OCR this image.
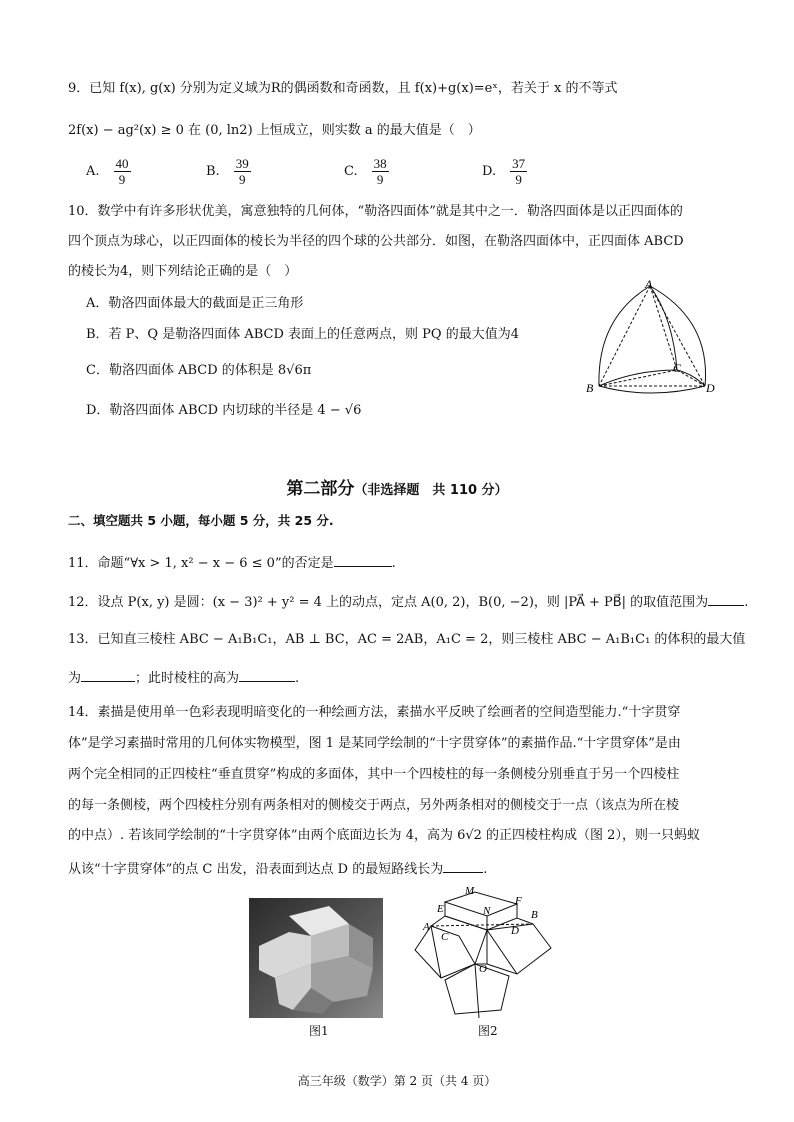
9．已知 f(x), g(x) 分别为定义域为R的偶函数和奇函数，且 f(x)+g(x)=eˣ，若关于 x 的不等式
2f(x) − ag²(x) ≥ 0 在 (0, ln2) 上恒成立，则实数 a 的最大值是（　）
A. $\frac{40}{9}$	B. $\frac{39}{9}$	C. $\frac{38}{9}$	D. $\frac{37}{9}$
10．数学中有许多形状优美，寓意独特的几何体，“勒洛四面体”就是其中之一．勒洛四面体是以正四面体的
四个顶点为球心，以正四面体的棱长为半径的四个球的公共部分．如图，在勒洛四面体中，正四面体 ABCD
的棱长为4，则下列结论正确的是（　）
A．勒洛四面体最大的截面是正三角形
B．若 P、Q 是勒洛四面体 ABCD 表面上的任意两点，则 PQ 的最大值为4
C．勒洛四面体 ABCD 的体积是 8√6π
D．勒洛四面体 ABCD 内切球的半径是 4 − √6
A
B
C
D
第二部分（非选择题　共 110 分）
二、填空题共 5 小题，每小题 5 分，共 25 分.
11．命题“∀x > 1, x² − x − 6 ≤ 0”的否定是	.
12．设点 P(x, y) 是圆：(x − 3)² + y² = 4 上的动点，定点 A(0, 2)，B(0, −2)，则 |PA⃗ + PB⃗| 的取值范围为	.
13．已知直三棱柱 ABC − A₁B₁C₁，AB ⊥ BC，AC = 2AB，A₁C = 2，则三棱柱 ABC − A₁B₁C₁ 的体积的最大值
为	；此时棱柱的高为	.
14．素描是使用单一色彩表现明暗变化的一种绘画方法，素描水平反映了绘画者的空间造型能力.“十字贯穿
体”是学习素描时常用的几何体实物模型，图 1 是某同学绘制的“十字贯穿体”的素描作品.“十字贯穿体”是由
两个完全相同的正四棱柱“垂直贯穿”构成的多面体，其中一个四棱柱的每一条侧棱分别垂直于另一个四棱柱
的每一条侧棱，两个四棱柱分别有两条相对的侧棱交于两点，另外两条相对的侧棱交于一点（该点为所在棱
的中点）. 若该同学绘制的“十字贯穿体”由两个底面边长为 4，高为 6√2 的正四棱柱构成（图 2），则一只蚂蚁
从该“十字贯穿体”的点 C 出发，沿表面到达点 D 的最短路线长为	.
图1
M
E	N
F
B
A
C	D
O
图2
高三年级（数学）第 2 页（共 4 页）
